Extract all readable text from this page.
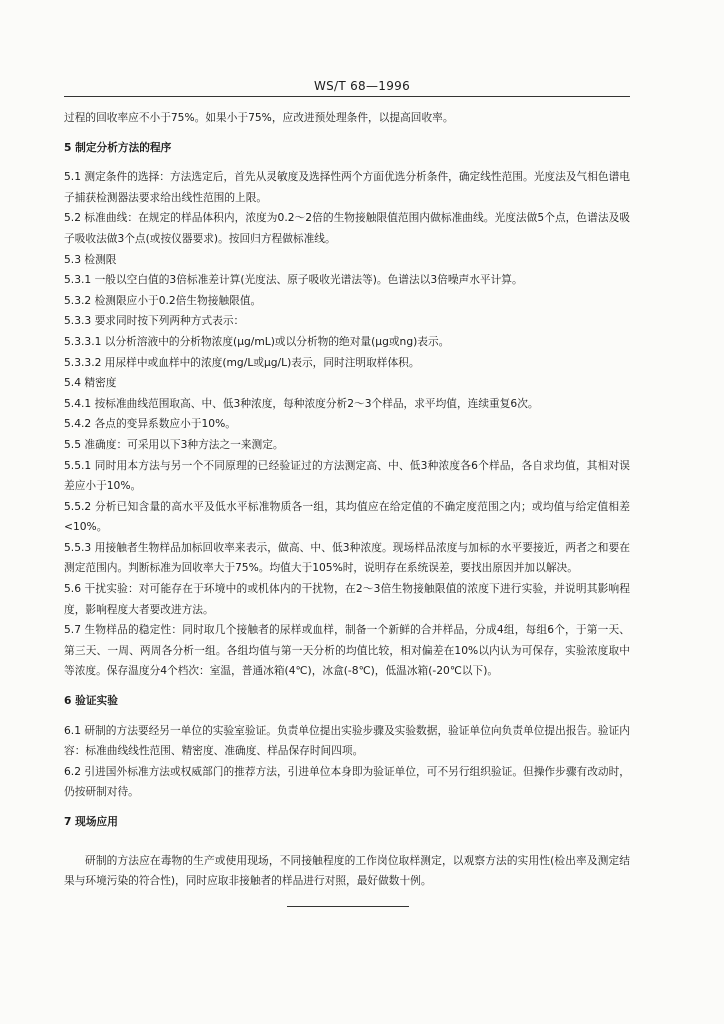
WS/T 68—1996

过程的回收率应不小于75%。如果小于75%，应改进预处理条件，以提高回收率。

5 制定分析方法的程序

5.1 测定条件的选择：方法选定后，首先从灵敏度及选择性两个方面优选分析条件，确定线性范围。光度法及气相色谱电子捕获检测器法要求给出线性范围的上限。

5.2 标准曲线：在规定的样品体积内，浓度为0.2～2倍的生物接触限值范围内做标准曲线。光度法做5个点，色谱法及吸子吸收法做3个点(或按仪器要求)。按回归方程做标准线。

5.3 检测限

5.3.1 一般以空白值的3倍标准差计算(光度法、原子吸收光谱法等)。色谱法以3倍噪声水平计算。

5.3.2 检测限应小于0.2倍生物接触限值。

5.3.3 要求同时按下列两种方式表示：

5.3.3.1 以分析溶液中的分析物浓度(μg/mL)或以分析物的绝对量(μg或ng)表示。

5.3.3.2 用尿样中或血样中的浓度(mg/L或μg/L)表示，同时注明取样体积。

5.4 精密度

5.4.1 按标准曲线范围取高、中、低3种浓度，每种浓度分析2～3个样品，求平均值，连续重复6次。

5.4.2 各点的变异系数应小于10%。

5.5 准确度：可采用以下3种方法之一来测定。

5.5.1 同时用本方法与另一个不同原理的已经验证过的方法测定高、中、低3种浓度各6个样品，各自求均值，其相对误差应小于10%。

5.5.2 分析已知含量的高水平及低水平标准物质各一组，其均值应在给定值的不确定度范围之内；或均值与给定值相差<10%。

5.5.3 用接触者生物样品加标回收率来表示，做高、中、低3种浓度。现场样品浓度与加标的水平要接近，两者之和要在测定范围内。判断标准为回收率大于75%。均值大于105%时，说明存在系统误差，要找出原因并加以解决。

5.6 干扰实验：对可能存在于环境中的或机体内的干扰物，在2～3倍生物接触限值的浓度下进行实验，并说明其影响程度，影响程度大者要改进方法。

5.7 生物样品的稳定性：同时取几个接触者的尿样或血样，制备一个新鲜的合并样品，分成4组，每组6个，于第一天、第三天、一周、两周各分析一组。各组均值与第一天分析的均值比较，相对偏差在10%以内认为可保存，实验浓度取中等浓度。保存温度分4个档次：室温，普通冰箱(4℃)，冰盒(-8℃)，低温冰箱(-20℃以下)。

6 验证实验

6.1 研制的方法要经另一单位的实验室验证。负责单位提出实验步骤及实验数据，验证单位向负责单位提出报告。验证内容：标准曲线线性范围、精密度、准确度、样品保存时间四项。

6.2 引进国外标准方法或权威部门的推荐方法，引进单位本身即为验证单位，可不另行组织验证。但操作步骤有改动时，仍按研制对待。

7 现场应用

研制的方法应在毒物的生产或使用现场，不同接触程度的工作岗位取样测定，以观察方法的实用性(检出率及测定结果与环境污染的符合性)，同时应取非接触者的样品进行对照，最好做数十例。
